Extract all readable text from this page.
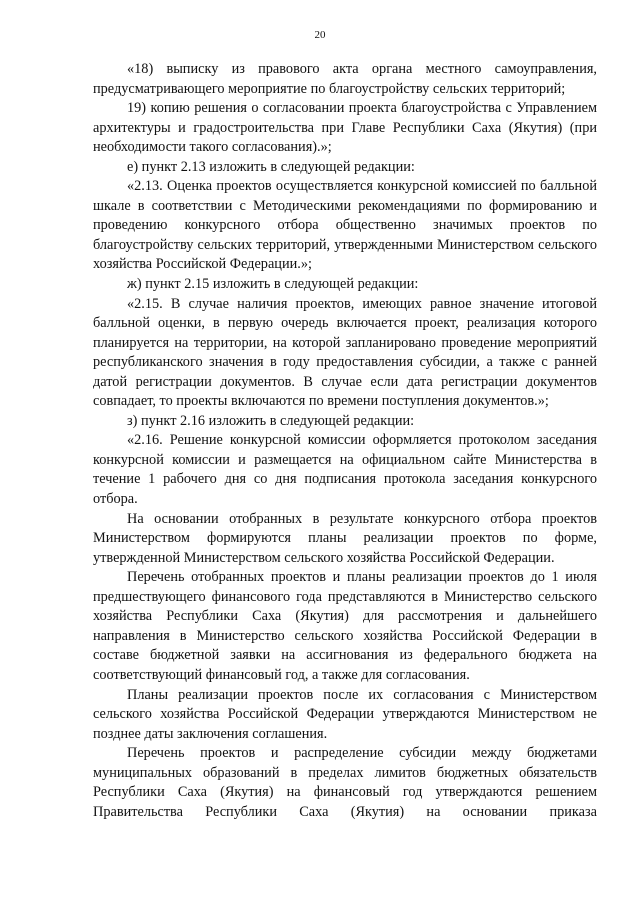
20

«18) выписку из правового акта органа местного самоуправления, предусматривающего мероприятие по благоустройству сельских территорий;

19) копию решения о согласовании проекта благоустройства с Управлением архитектуры и градостроительства при Главе Республики Саха (Якутия) (при необходимости такого согласования).»;

е) пункт 2.13 изложить в следующей редакции:

«2.13. Оценка проектов осуществляется конкурсной комиссией по балльной шкале в соответствии с Методическими рекомендациями по формированию и проведению конкурсного отбора общественно значимых проектов по благоустройству сельских территорий, утвержденными Министерством сельского хозяйства Российской Федерации.»;

ж) пункт 2.15 изложить в следующей редакции:

«2.15. В случае наличия проектов, имеющих равное значение итоговой балльной оценки, в первую очередь включается проект, реализация которого планируется на территории, на которой запланировано проведение мероприятий республиканского значения в году предоставления субсидии, а также с ранней датой регистрации документов. В случае если дата регистрации документов совпадает, то проекты включаются по времени поступления документов.»;

з) пункт 2.16 изложить в следующей редакции:

«2.16. Решение конкурсной комиссии оформляется протоколом заседания конкурсной комиссии и размещается на официальном сайте Министерства в течение 1 рабочего дня со дня подписания протокола заседания конкурсного отбора.

На основании отобранных в результате конкурсного отбора проектов Министерством формируются планы реализации проектов по форме, утвержденной Министерством сельского хозяйства Российской Федерации.

Перечень отобранных проектов и планы реализации проектов до 1 июля предшествующего финансового года представляются в Министерство сельского хозяйства Республики Саха (Якутия) для рассмотрения и дальнейшего направления в Министерство сельского хозяйства Российской Федерации в составе бюджетной заявки на ассигнования из федерального бюджета на соответствующий финансовый год, а также для согласования.

Планы реализации проектов после их согласования с Министерством сельского хозяйства Российской Федерации утверждаются Министерством не позднее даты заключения соглашения.

Перечень проектов и распределение субсидии между бюджетами муниципальных образований в пределах лимитов бюджетных обязательств Республики Саха (Якутия) на финансовый год утверждаются решением Правительства Республики Саха (Якутия) на основании приказа
